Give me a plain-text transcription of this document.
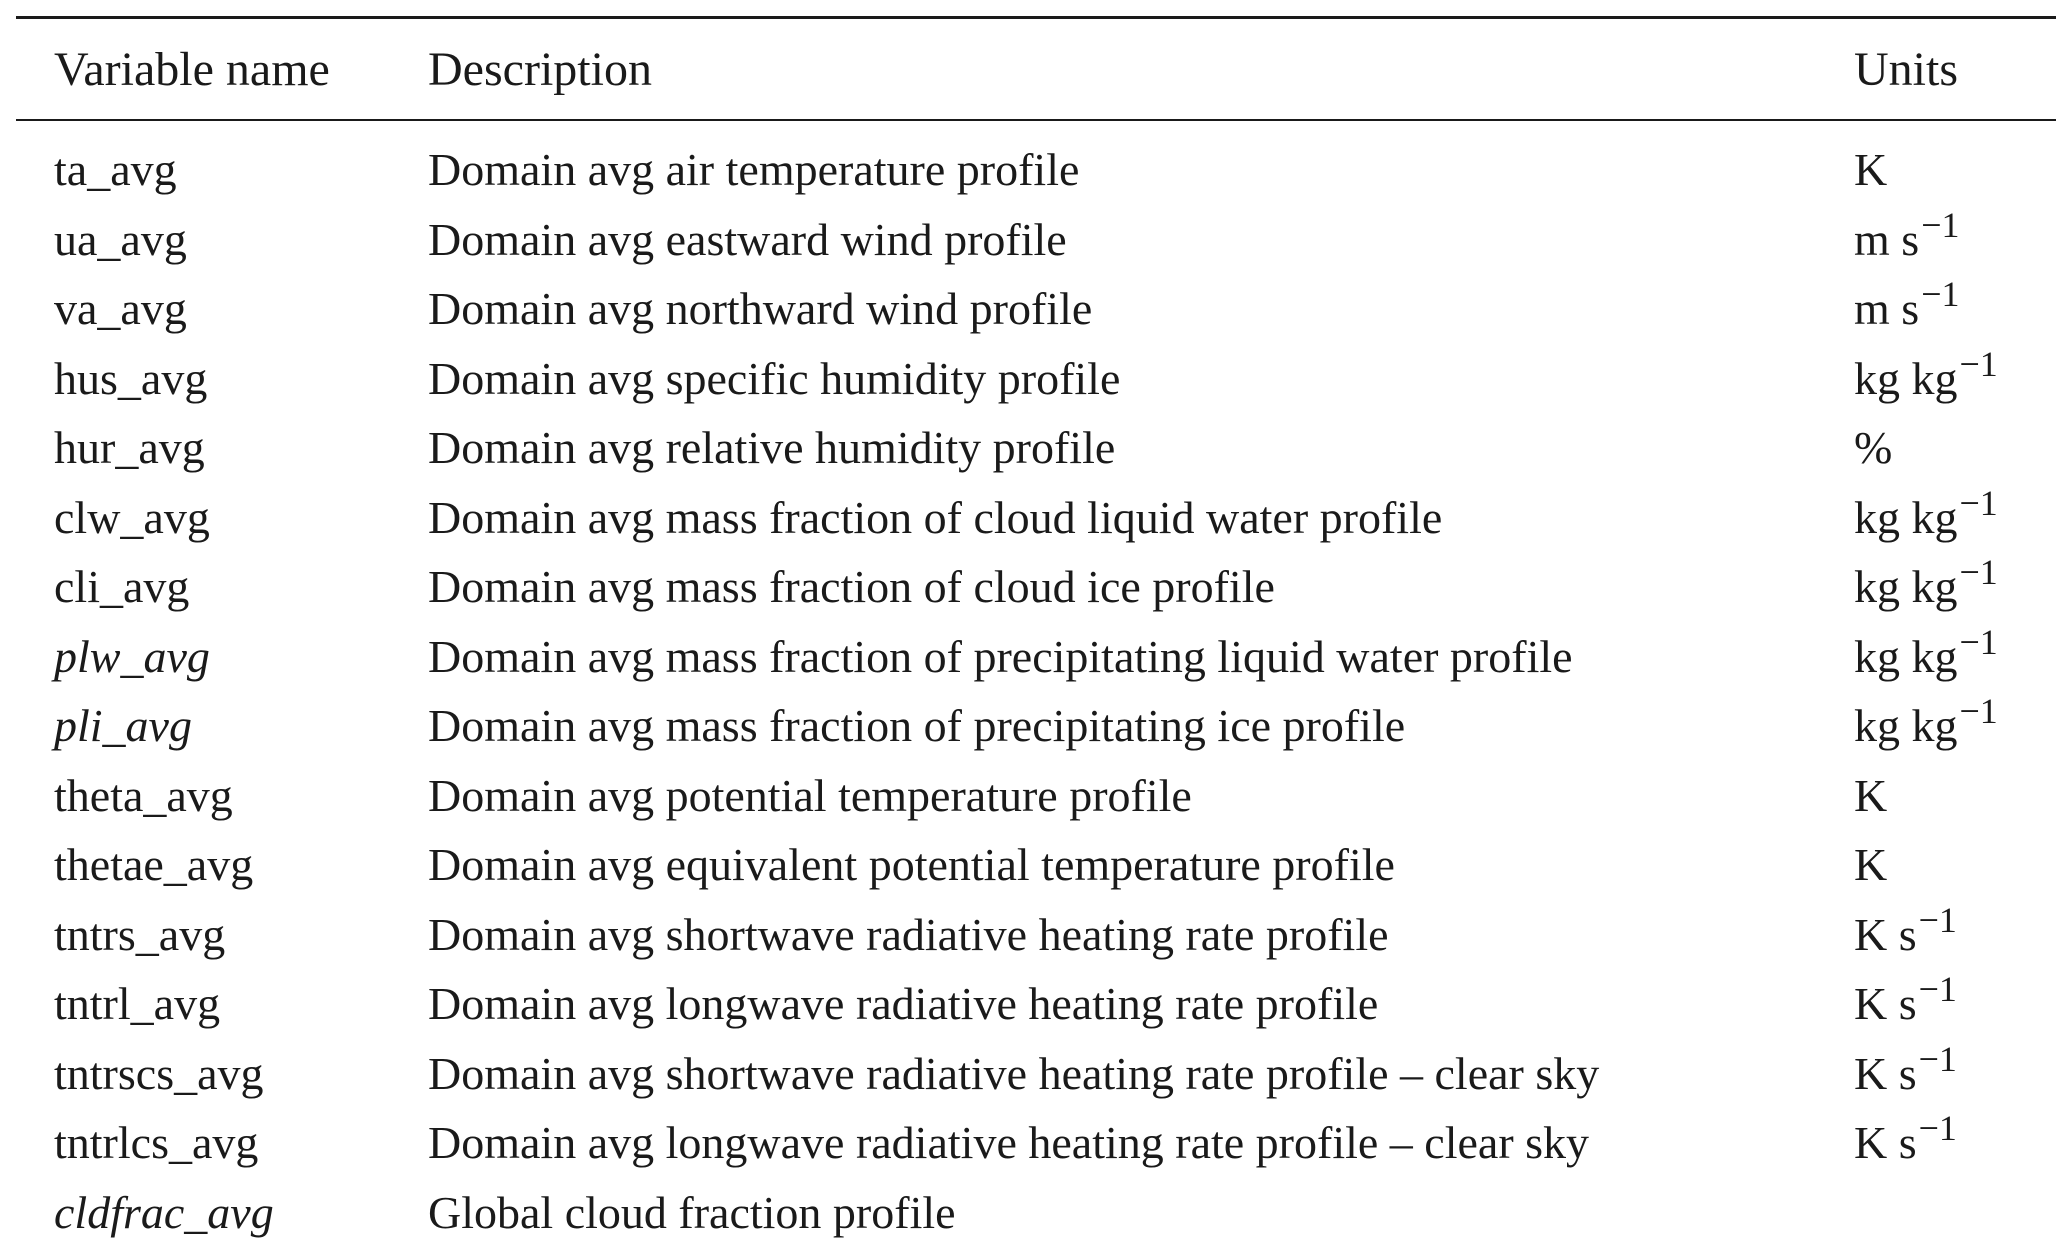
Variable name	Description	Units
ta_avg	Domain avg air temperature profile	K
ua_avg	Domain avg eastward wind profile	m $s^{-1}$
va_avg	Domain avg northward wind profile	m $s^{-1}$
hus_avg	Domain avg specific humidity profile	kg $kg^{-1}$
hur_avg	Domain avg relative humidity profile	%
clw_avg	Domain avg mass fraction of cloud liquid water profile	kg $kg^{-1}$
cli_avg	Domain avg mass fraction of cloud ice profile	kg $kg^{-1}$
plw_avg	Domain avg mass fraction of precipitating liquid water profile	kg $kg^{-1}$
pli_avg	Domain avg mass fraction of precipitating ice profile	kg $kg^{-1}$
theta_avg	Domain avg potential temperature profile	K
thetae_avg	Domain avg equivalent potential temperature profile	K
tntrs_avg	Domain avg shortwave radiative heating rate profile	K $s^{-1}$
tntrl_avg	Domain avg longwave radiative heating rate profile	K $s^{-1}$
tntrscs_avg	Domain avg shortwave radiative heating rate profile – clear sky	K $s^{-1}$
tntrlcs_avg	Domain avg longwave radiative heating rate profile – clear sky	K $s^{-1}$
cldfrac_avg	Global cloud fraction profile	
